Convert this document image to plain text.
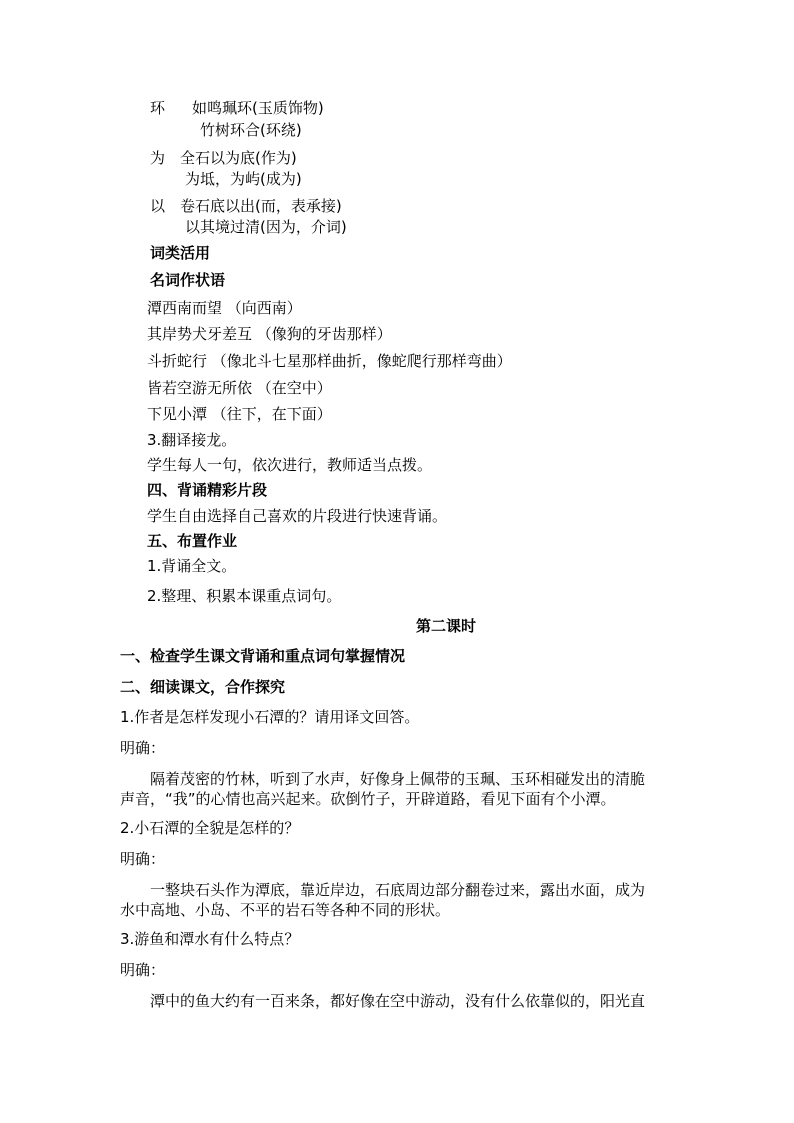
环 如鸣珮环(玉质饰物)
竹树环合(环绕)
为 全石以为底(作为)
为坻，为屿(成为)
以 卷石底以出(而，表承接)
以其境过清(因为，介词)
词类活用
名词作状语
潭西南而望 （向西南）
其岸势犬牙差互 （像狗的牙齿那样）
斗折蛇行 （像北斗七星那样曲折，像蛇爬行那样弯曲）
皆若空游无所依 （在空中）
下见小潭 （往下，在下面）
3.翻译接龙。
学生每人一句，依次进行，教师适当点拨。
四、背诵精彩片段
学生自由选择自己喜欢的片段进行快速背诵。
五、布置作业
1.背诵全文。
2.整理、积累本课重点词句。
第二课时
一、检查学生课文背诵和重点词句掌握情况
二、细读课文，合作探究
1.作者是怎样发现小石潭的？请用译文回答。
明确：
隔着茂密的竹林，听到了水声，好像身上佩带的玉珮、玉环相碰发出的清脆
声音，“我”的心情也高兴起来。砍倒竹子，开辟道路，看见下面有个小潭。
2.小石潭的全貌是怎样的？
明确：
一整块石头作为潭底，靠近岸边，石底周边部分翻卷过来，露出水面，成为
水中高地、小岛、不平的岩石等各种不同的形状。
3.游鱼和潭水有什么特点？
明确：
潭中的鱼大约有一百来条，都好像在空中游动，没有什么依靠似的，阳光直
